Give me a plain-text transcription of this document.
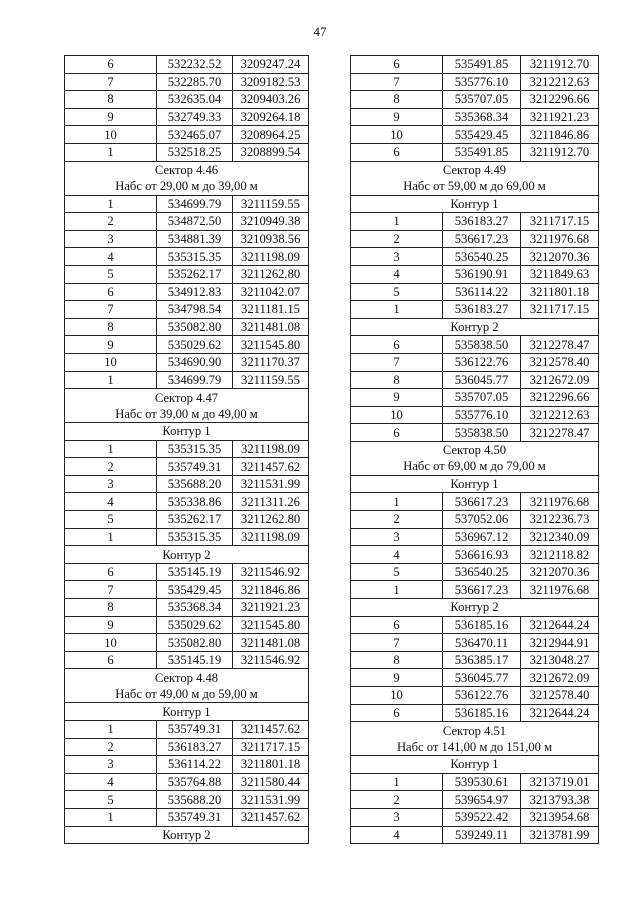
47
6	532232.52	3209247.24
7	532285.70	3209182.53
8	532635.04	3209403.26
9	532749.33	3209264.18
10	532465.07	3208964.25
1	532518.25	3208899.54

Сектор 4.46
Набс от 29,00 м до 39,00 м		

1	534699.79	3211159.55
2	534872.50	3210949.38
3	534881.39	3210938.56
4	535315.35	3211198.09
5	535262.17	3211262.80
6	534912.83	3211042.07
7	534798.54	3211181.15
8	535082.80	3211481.08
9	535029.62	3211545.80
10	534690.90	3211170.37
1	534699.79	3211159.55

Сектор 4.47
Набс от 39,00 м до 49,00 м		

Контур 1		
1	535315.35	3211198.09
2	535749.31	3211457.62
3	535688.20	3211531.99
4	535338.86	3211311.26
5	535262.17	3211262.80
1	535315.35	3211198.09
Контур 2		
6	535145.19	3211546.92
7	535429.45	3211846.86
8	535368.34	3211921.23
9	535029.62	3211545.80
10	535082.80	3211481.08
6	535145.19	3211546.92

Сектор 4.48
Набс от 49,00 м до 59,00 м		

Контур 1		
1	535749.31	3211457.62
2	536183.27	3211717.15
3	536114.22	3211801.18
4	535764.88	3211580.44
5	535688.20	3211531.99
1	535749.31	3211457.62
Контур 2		
6	535491.85	3211912.70
7	535776.10	3212212.63
8	535707.05	3212296.66
9	535368.34	3211921.23
10	535429.45	3211846.86
6	535491.85	3211912.70

Сектор 4.49
Набс от 59,00 м до 69,00 м		

Контур 1		
1	536183.27	3211717.15
2	536617.23	3211976.68
3	536540.25	3212070.36
4	536190.91	3211849.63
5	536114.22	3211801.18
1	536183.27	3211717.15
Контур 2		
6	535838.50	3212278.47
7	536122.76	3212578.40
8	536045.77	3212672.09
9	535707.05	3212296.66
10	535776.10	3212212.63
6	535838.50	3212278.47

Сектор 4.50
Набс от 69,00 м до 79,00 м		

Контур 1		
1	536617.23	3211976.68
2	537052.06	3212236.73
3	536967.12	3212340.09
4	536616.93	3212118.82
5	536540.25	3212070.36
1	536617.23	3211976.68
Контур 2		
6	536185.16	3212644.24
7	536470.11	3212944.91
8	536385.17	3213048.27
9	536045.77	3212672.09
10	536122.76	3212578.40
6	536185.16	3212644.24

Сектор 4.51
Набс от 141,00 м до 151,00 м		

Контур 1		
1	539530.61	3213719.01
2	539654.97	3213793.38
3	539522.42	3213954.68
4	539249.11	3213781.99
